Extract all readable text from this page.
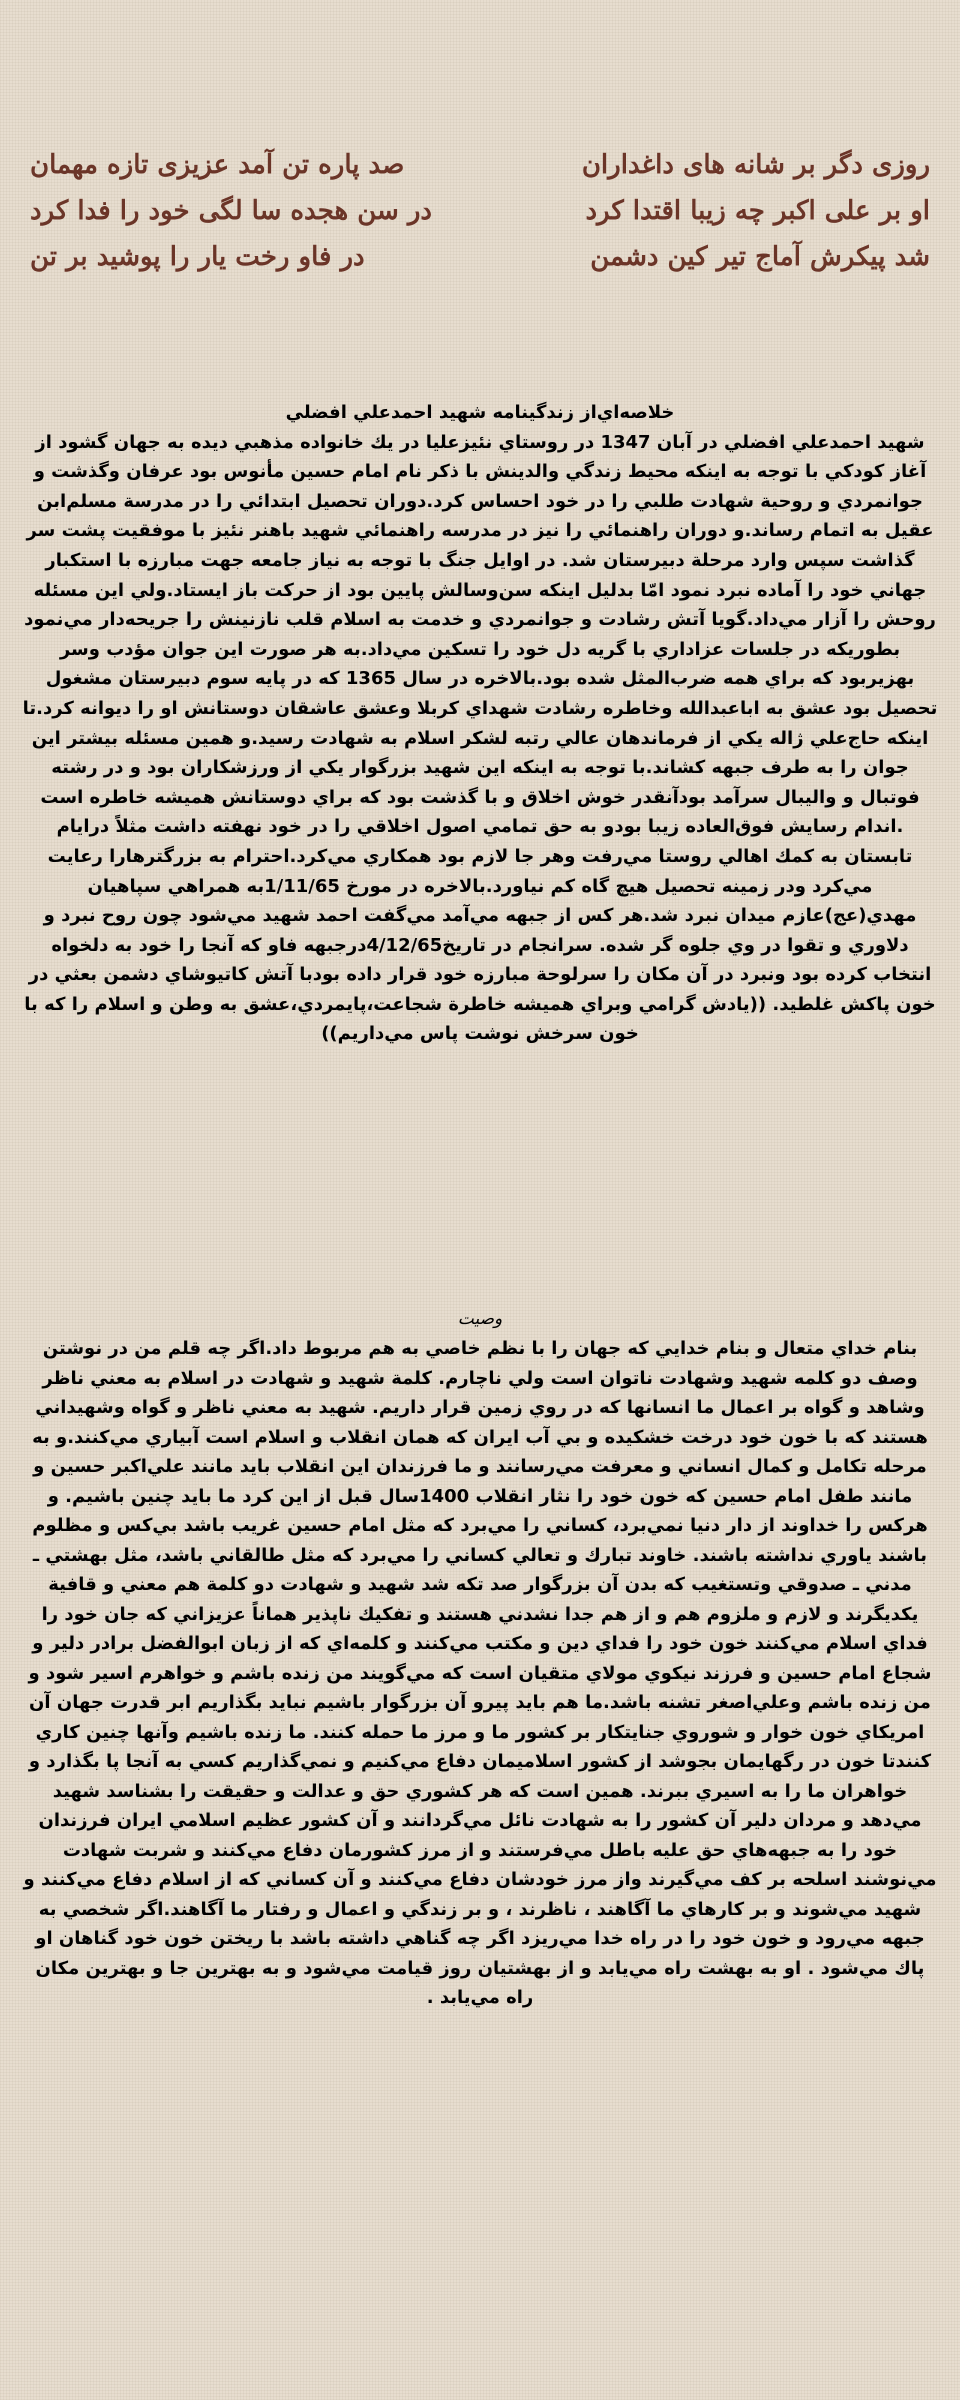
روزی دگر بر شانه های داغداران
صد پاره تن آمد عزیزی تازه مهمان
او بر علی اکبر چه زیبا اقتدا کرد
در سن هجده سا لگی خود را فدا کرد
شد پیکرش آماج تیر کین دشمن
در فاو رخت یار را پوشید بر تن
خلاصه‌اي‌از زندگينامه شهيد احمدعلي افضلي

شهيد احمدعلي افضلي در آبان 1347 در روستاي نئيزعليا در يك خانواده مذهبي ديده به جهان گشود از آغاز كودكي با توجه به اينكه محيط زندگي والدينش با ذكر نام امام حسين مأنوس بود عرفان وگذشت و جوانمردي و روحية شهادت طلبي را در خود احساس كرد.دوران تحصيل ابتدائي را در مدرسة مسلم‌ابن عقيل به اتمام رساند.و دوران راهنمائي را نيز در مدرسه راهنمائي شهيد باهنر نئيز با موفقيت پشت سر گذاشت سپس وارد مرحلة دبيرستان شد. در اوايل جنگ با توجه به نياز جامعه جهت مبارزه با استكبار جهاني خود را آماده نبرد نمود امّا بدليل اينكه سن‌وسالش پايين بود از حركت باز ايستاد.ولي اين مسئله روحش را آزار مي‌داد.گويا آتش رشادت و جوانمردي و خدمت به اسلام قلب نازنينش را جريحه‌دار مي‌نمود بطوريكه در جلسات عزاداري با گريه دل خود را تسكين مي‌داد.به هر صورت اين جوان مؤدب وسر بهزيربود كه براي همه ضرب‌المثل شده بود.بالاخره در سال 1365 كه در پايه سوم دبيرستان مشغول تحصيل بود عشق به اباعبدالله وخاطره رشادت شهداي كربلا وعشق عاشقان دوستانش او را ديوانه كرد.تا اينكه حاج‌علي ژاله يكي از فرماندهان عالي رتبه لشكر اسلام به شهادت رسيد.و همين مسئله بيشتر اين جوان را به طرف جبهه كشاند.با توجه به اينكه اين شهيد بزرگوار يكي از ورزشكاران بود و در رشته فوتبال و واليبال سرآمد بودآنقدر خوش اخلاق و با گذشت بود كه براي دوستانش هميشه خاطره است .اندام رسايش فوق‌العاده زيبا بودو به حق تمامي اصول اخلاقي را در خود نهفته داشت مثلاً درايام تابستان به كمك اهالي روستا مي‌رفت وهر جا لازم بود همكاري مي‌كرد.احترام به بزرگترهارا رعايت مي‌كرد ودر زمينه تحصيل هيچ گاه كم نياورد.بالاخره در مورخ 1/11/65به همراهي سپاهيان مهدي(عج)عازم ميدان نبرد شد.هر كس از جبهه مي‌آمد مي‌گفت احمد شهيد مي‌شود چون روح نبرد و دلاوري و تقوا در وي جلوه گر شده. سرانجام در تاريخ4/12/65درجبهه فاو كه آنجا را خود به دلخواه انتخاب كرده بود ونبرد در آن مكان را سرلوحة مبارزه خود قرار داده بودبا آتش كاتيوشاي دشمن بعثي در خون پاكش غلطيد. ((يادش گرامي وبراي هميشه خاطرة شجاعت،پايمردي،عشق به وطن و اسلام را كه با خون سرخش نوشت پاس مي‌داريم))

وصيت

بنام خداي متعال و بنام خدايي كه جهان را با نظم خاصي به هم مربوط داد.اگر چه قلم من در نوشتن وصف دو كلمه شهيد وشهادت ناتوان است ولي ناچارم. كلمة شهيد و شهادت در اسلام به معني ناظر وشاهد و گواه بر اعمال ما انسانها كه در روي زمين قرار داريم. شهيد به معني ناظر و گواه وشهيداني هستند كه با خون خود درخت خشكيده و بي آب ايران كه همان انقلاب و اسلام است آبياري مي‌كنند.و به مرحله تكامل و كمال انساني و معرفت مي‌رسانند و ما فرزندان اين انقلاب بايد مانند علي‌اكبر حسين و مانند طفل امام حسين كه خون خود را نثار انقلاب 1400سال قبل از اين كرد ما بايد چنين باشيم. و هركس را خداوند از دار دنيا نمي‌برد، كساني را مي‌برد كه مثل امام حسين غريب باشد بي‌كس و مظلوم باشند ياوري نداشته باشند. خاوند تبارك و تعالي كساني را مي‌برد كه مثل طالقاني باشد، مثل بهشتي ـ مدني ـ صدوقي وتستغيب كه بدن آن بزرگوار صد تكه شد شهيد و شهادت دو كلمة هم معني و قافية يكديگرند و لازم و ملزوم هم و از هم جدا نشدني هستند و تفكيك ناپذير هماناً عزيزاني كه جان خود را فداي اسلام مي‌كنند خون خود را فداي دين و مكتب مي‌كنند و كلمه‌اي كه از زبان ابوالفضل برادر دلير و شجاع امام حسين و فرزند نيكوي مولاي متقيان است كه مي‌گويند من زنده باشم و خواهرم اسير شود و من زنده باشم وعلي‌اصغر تشنه باشد.ما هم بايد پيرو آن بزرگوار باشيم نبايد بگذاريم ابر قدرت جهان آن امريكاي خون خوار و شوروي جنايتكار بر كشور ما و مرز ما حمله كنند. ما زنده باشيم وآنها چنين كاري كنندتا خون در رگهايمان بجوشد از كشور اسلاميمان دفاع مي‌كنيم و نمي‌گذاريم كسي به آنجا پا بگذارد و خواهران ما را به اسيري ببرند. همين است كه هر كشوري حق و عدالت و حقيقت را بشناسد شهيد مي‌دهد و مردان دلير آن كشور را به شهادت نائل مي‌گردانند و آن كشور عظيم اسلامي ايران فرزندان خود را به جبهه‌هاي حق عليه باطل مي‌فرستند و از مرز كشورمان دفاع مي‌كنند و شربت شهادت مي‌نوشند اسلحه بر كف مي‌گيرند واز مرز خودشان دفاع مي‌كنند و آن كساني كه از اسلام دفاع مي‌كنند و شهيد مي‌شوند و بر كارهاي ما آگاهند ، ناظرند ، و بر زندگي و اعمال و رفتار ما آگاهند.اگر شخصي به جبهه مي‌رود و خون خود را در راه خدا مي‌ريزد اگر چه گناهي داشته باشد با ريختن خون خود گناهان او پاك مي‌شود . او به بهشت راه مي‌يابد و از بهشتيان روز قيامت مي‌شود و به بهترين جا و بهترين مكان راه مي‌يابد .
